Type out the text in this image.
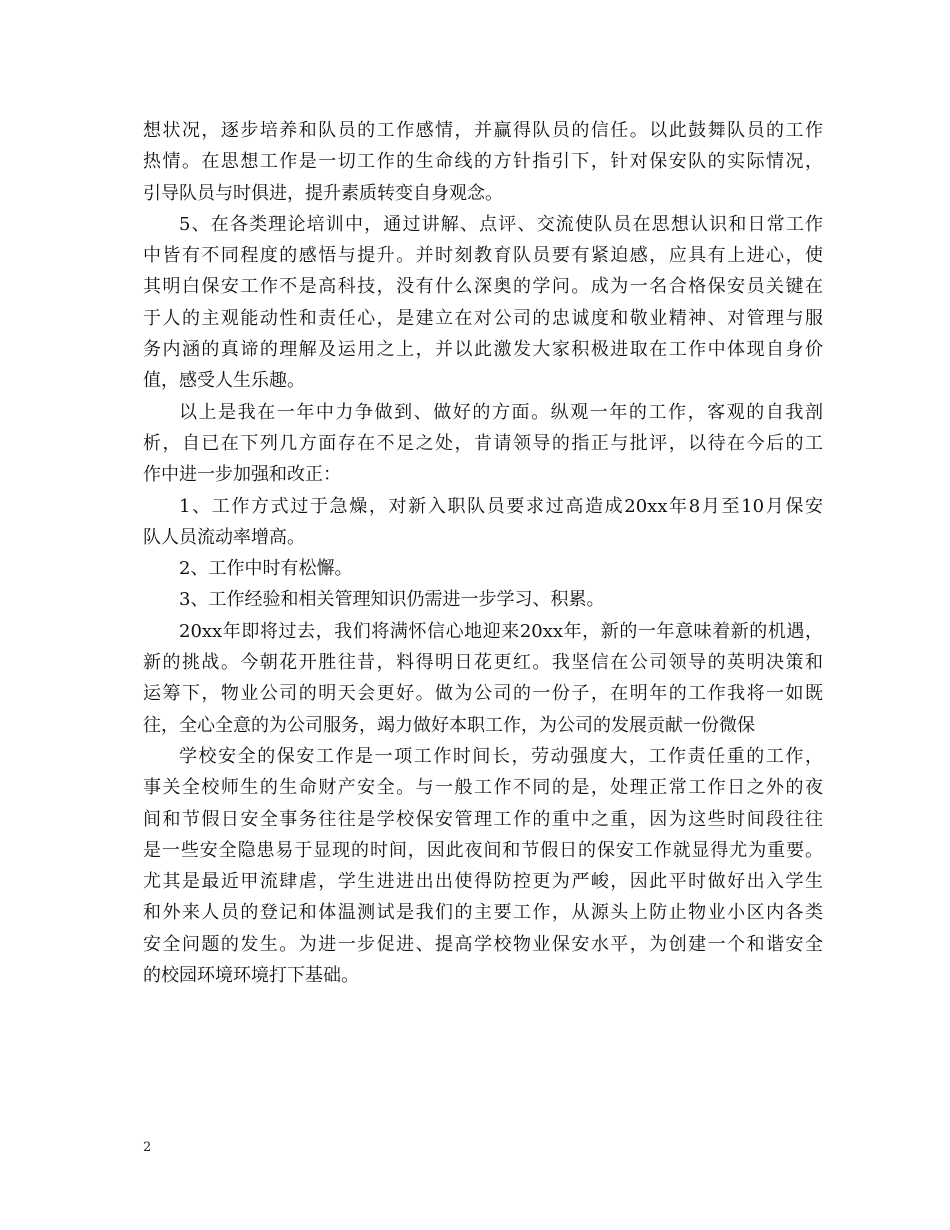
想状况，逐步培养和队员的工作感情，并赢得队员的信任。以此鼓舞队员的工作
热情。在思想工作是一切工作的生命线的方针指引下，针对保安队的实际情况，
引导队员与时俱进，提升素质转变自身观念。
5、在各类理论培训中，通过讲解、点评、交流使队员在思想认识和日常工作
中皆有不同程度的感悟与提升。并时刻教育队员要有紧迫感，应具有上进心，使
其明白保安工作不是高科技，没有什么深奥的学问。成为一名合格保安员关键在
于人的主观能动性和责任心，是建立在对公司的忠诚度和敬业精神、对管理与服
务内涵的真谛的理解及运用之上，并以此激发大家积极进取在工作中体现自身价
值，感受人生乐趣。
以上是我在一年中力争做到、做好的方面。纵观一年的工作，客观的自我剖
析，自已在下列几方面存在不足之处，肯请领导的指正与批评，以待在今后的工
作中进一步加强和改正：
1、工作方式过于急燥，对新入职队员要求过高造成20xx年8月至10月保安
队人员流动率增高。
2、工作中时有松懈。
3、工作经验和相关管理知识仍需进一步学习、积累。
20xx年即将过去，我们将满怀信心地迎来20xx年，新的一年意味着新的机遇，
新的挑战。今朝花开胜往昔，料得明日花更红。我坚信在公司领导的英明决策和
运筹下，物业公司的明天会更好。做为公司的一份子，在明年的工作我将一如既
往，全心全意的为公司服务，竭力做好本职工作，为公司的发展贡献一份微保
学校安全的保安工作是一项工作时间长，劳动强度大，工作责任重的工作，
事关全校师生的生命财产安全。与一般工作不同的是，处理正常工作日之外的夜
间和节假日安全事务往往是学校保安管理工作的重中之重，因为这些时间段往往
是一些安全隐患易于显现的时间，因此夜间和节假日的保安工作就显得尤为重要。
尤其是最近甲流肆虐，学生进进出出使得防控更为严峻，因此平时做好出入学生
和外来人员的登记和体温测试是我们的主要工作，从源头上防止物业小区内各类
安全问题的发生。为进一步促进、提高学校物业保安水平，为创建一个和谐安全
的校园环境环境打下基础。
2
